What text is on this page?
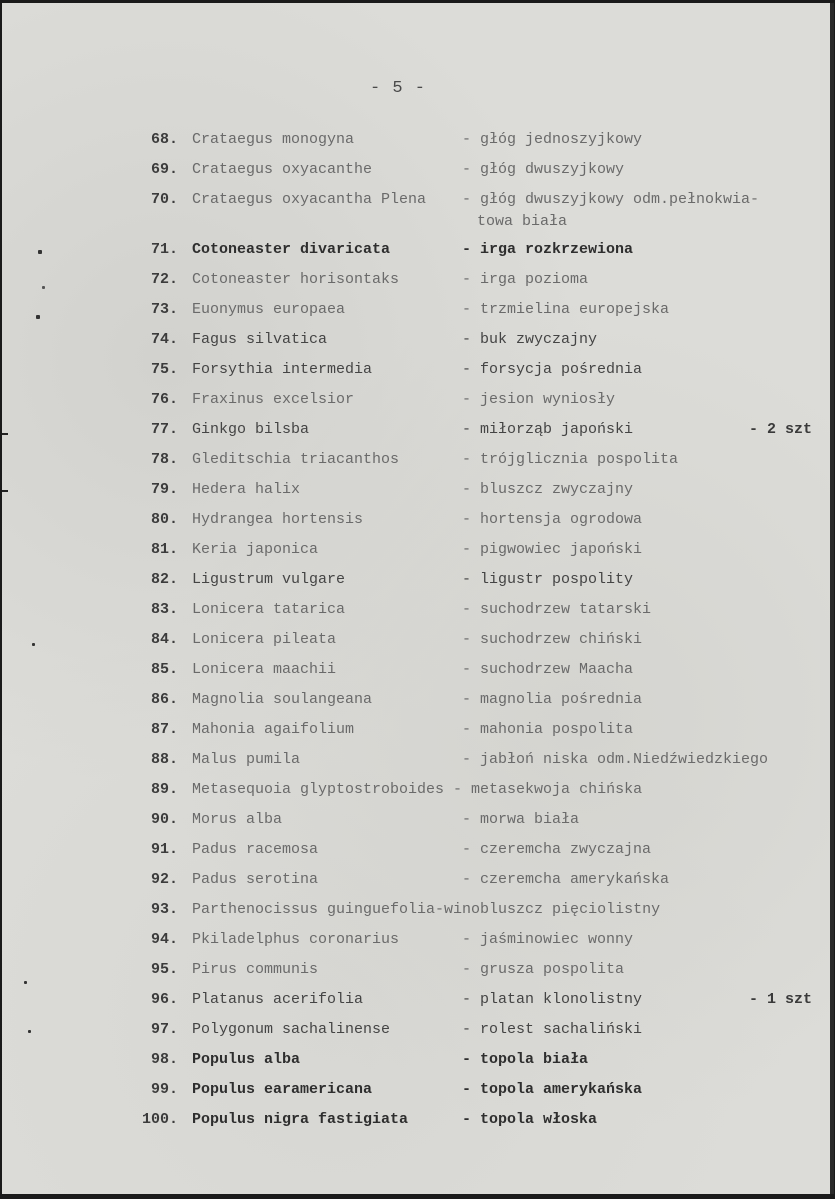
- 5 -
68. Crataegus monogyna	- głóg jednoszyjkowy
69. Crataegus oxyacanthe	- głóg dwuszyjkowy
70. Crataegus oxyacantha Plena - głóg dwuszyjkowy odm.pełnokwia-
towa biała
71. Cotoneaster divaricata	- irga rozkrzewiona
72. Cotoneaster horisontaks	- irga pozioma
73. Euonymus europaea	- trzmielina europejska
74. Fagus silvatica	- buk zwyczajny
75. Forsythia intermedia	- forsycja pośrednia
76. Fraxinus excelsior	- jesion wyniosły
77. Ginkgo bilsba	- miłorząb japoński	- 2 szt
78. Gleditschia triacanthos	- trójglicznia pospolita
79. Hedera halix	- bluszcz zwyczajny
80. Hydrangea hortensis	- hortensja ogrodowa
81. Keria japonica	- pigwowiec japoński
82. Ligustrum vulgare	- ligustr pospolity
83. Lonicera tatarica	- suchodrzew tatarski
84. Lonicera pileata	- suchodrzew chiński
85. Lonicera maachii	- suchodrzew Maacha
86. Magnolia soulangeana	- magnolia pośrednia
87. Mahonia agaifolium	- mahonia pospolita
88. Malus pumila	- jabłoń niska odm.Niedźwiedzkiego
89. Metasequoia glyptostroboides - metasekwoja chińska
90. Morus alba	- morwa biała
91. Padus racemosa	- czeremcha zwyczajna
92. Padus serotina	- czeremcha amerykańska
93. Parthenocissus guinguefolia-winobluszcz pięciolistny
94. Pkiladelphus coronarius	- jaśminowiec wonny
95. Pirus communis	- grusza pospolita
96. Platanus acerifolia	- platan klonolistny	- 1 szt
97. Polygonum sachalinense	- rolest sachaliński
98. Populus alba	- topola biała
99. Populus earamericana	- topola amerykańska
100. Populus nigra fastigiata	- topola włoska
